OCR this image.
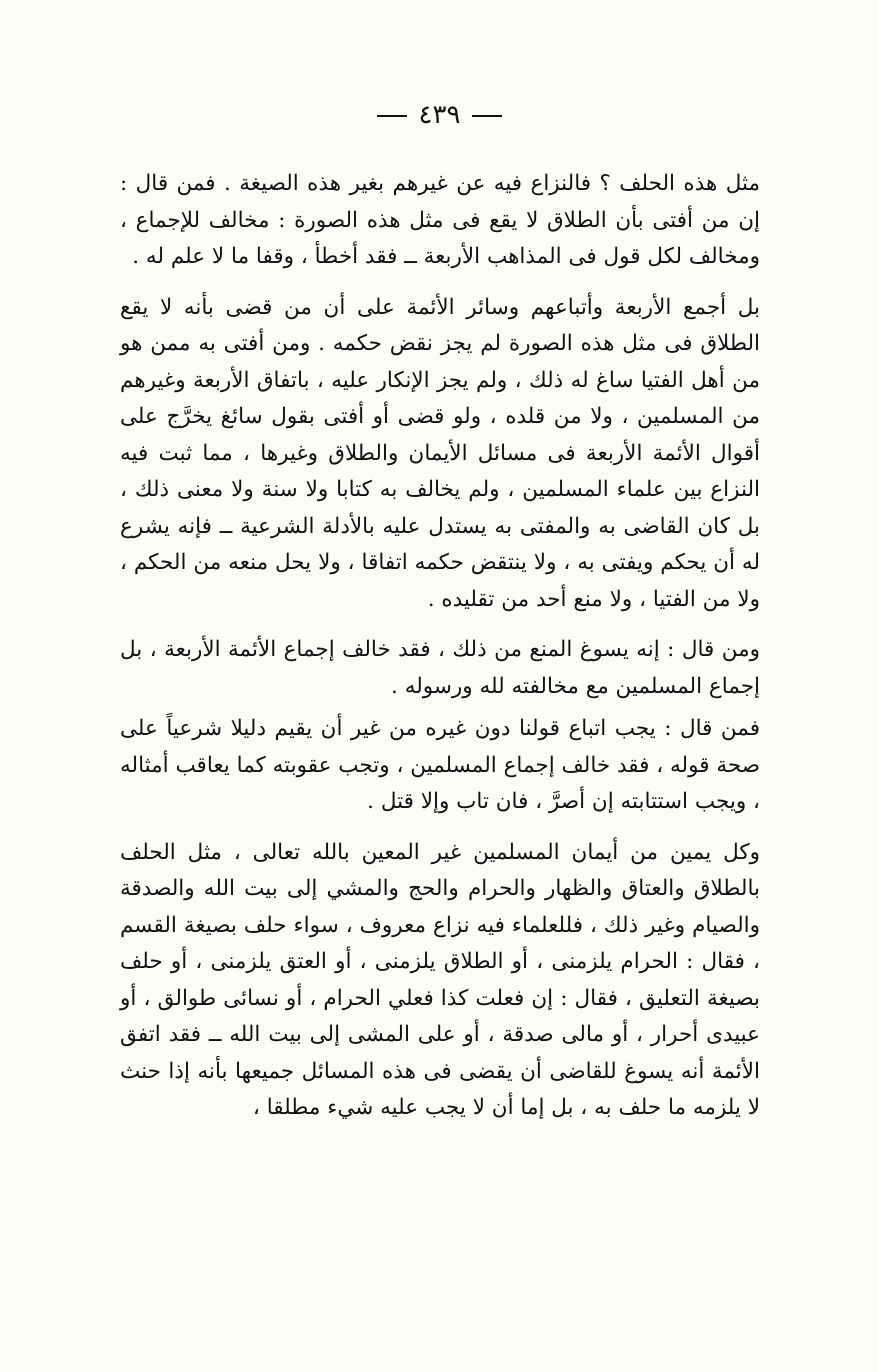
٤٣٩

مثل هذه الحلف ؟ فالنزاع فيه عن غيرهم بغير هذه الصيغة . فمن قال : إن من أفتى بأن الطلاق لا يقع فى مثل هذه الصورة : مخالف للإجماع ، ومخالف لكل قول فى المذاهب الأربعة ــ فقد أخطأ ، وقفا ما لا علم له .

بل أجمع الأربعة وأتباعهم وسائر الأئمة على أن من قضى بأنه لا يقع الطلاق فى مثل هذه الصورة لم يجز نقض حكمه . ومن أفتى به ممن هو من أهل الفتيا ساغ له ذلك ، ولم يجز الإنكار عليه ، باتفاق الأربعة وغيرهم من المسلمين ، ولا من قلده ، ولو قضى أو أفتى بقول سائغ يخرَّج على أقوال الأئمة الأربعة فى مسائل الأيمان والطلاق وغيرها ، مما ثبت فيه النزاع بين علماء المسلمين ، ولم يخالف به كتابا ولا سنة ولا معنى ذلك ، بل كان القاضى به والمفتى به يستدل عليه بالأدلة الشرعية ــ فإنه يشرع له أن يحكم ويفتى به ، ولا ينتقض حكمه اتفاقا ، ولا يحل منعه من الحكم ، ولا من الفتيا ، ولا منع أحد من تقليده .

ومن قال : إنه يسوغ المنع من ذلك ، فقد خالف إجماع الأئمة الأربعة ، بل إجماع المسلمين مع مخالفته لله ورسوله .

فمن قال : يجب اتباع قولنا دون غيره من غير أن يقيم دليلا شرعياً على صحة قوله ، فقد خالف إجماع المسلمين ، وتجب عقوبته كما يعاقب أمثاله ، ويجب استتابته إن أصرَّ ، فان تاب وإلا قتل .

وكل يمين من أيمان المسلمين غير المعين بالله تعالى ، مثل الحلف بالطلاق والعتاق والظهار والحرام والحج والمشي إلى بيت الله والصدقة والصيام وغير ذلك ، فللعلماء فيه نزاع معروف ، سواء حلف بصيغة القسم ، فقال : الحرام يلزمنى ، أو الطلاق يلزمنى ، أو العتق يلزمنى ، أو حلف بصيغة التعليق ، فقال : إن فعلت كذا فعلي الحرام ، أو نسائى طوالق ، أو عبيدى أحرار ، أو مالى صدقة ، أو على المشى إلى بيت الله ــ فقد اتفق الأئمة أنه يسوغ للقاضى أن يقضى فى هذه المسائل جميعها بأنه إذا حنث لا يلزمه ما حلف به ، بل إما أن لا يجب عليه شيء مطلقا ،
